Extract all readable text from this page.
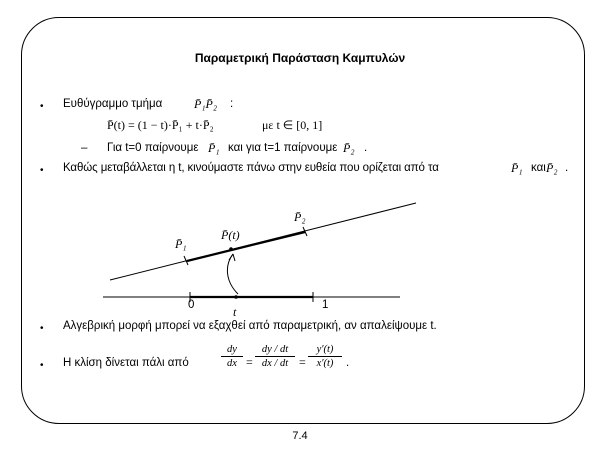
Παραμετρική Παράσταση Καμπυλών
• Ευθύγραμμο τμήμα	P̄₁P̄₂ :
P̄(t) = (1 − t)·P̄₁ + t·P̄₂	με t ∈ [0, 1]
– Για t=0 παίρνουμε P̄₁ και για t=1 παίρνουμε P̄₂ .
• Καθώς μεταβάλλεται η t, κινούμαστε πάνω στην ευθεία που ορίζεται από τα	P̄₁ και P̄₂ .
P̄₁
P̄₂
P̄(t)
0	1
t
• Αλγεβρική μορφή μπορεί να εξαχθεί από παραμετρική, αν απαλείψουμε t.
• Η κλίση δίνεται πάλι από	$\frac{dy}{dx} = \frac{dy / dt}{dx / dt} = \frac{y'(t)}{x'(t)}$ .
7.4
